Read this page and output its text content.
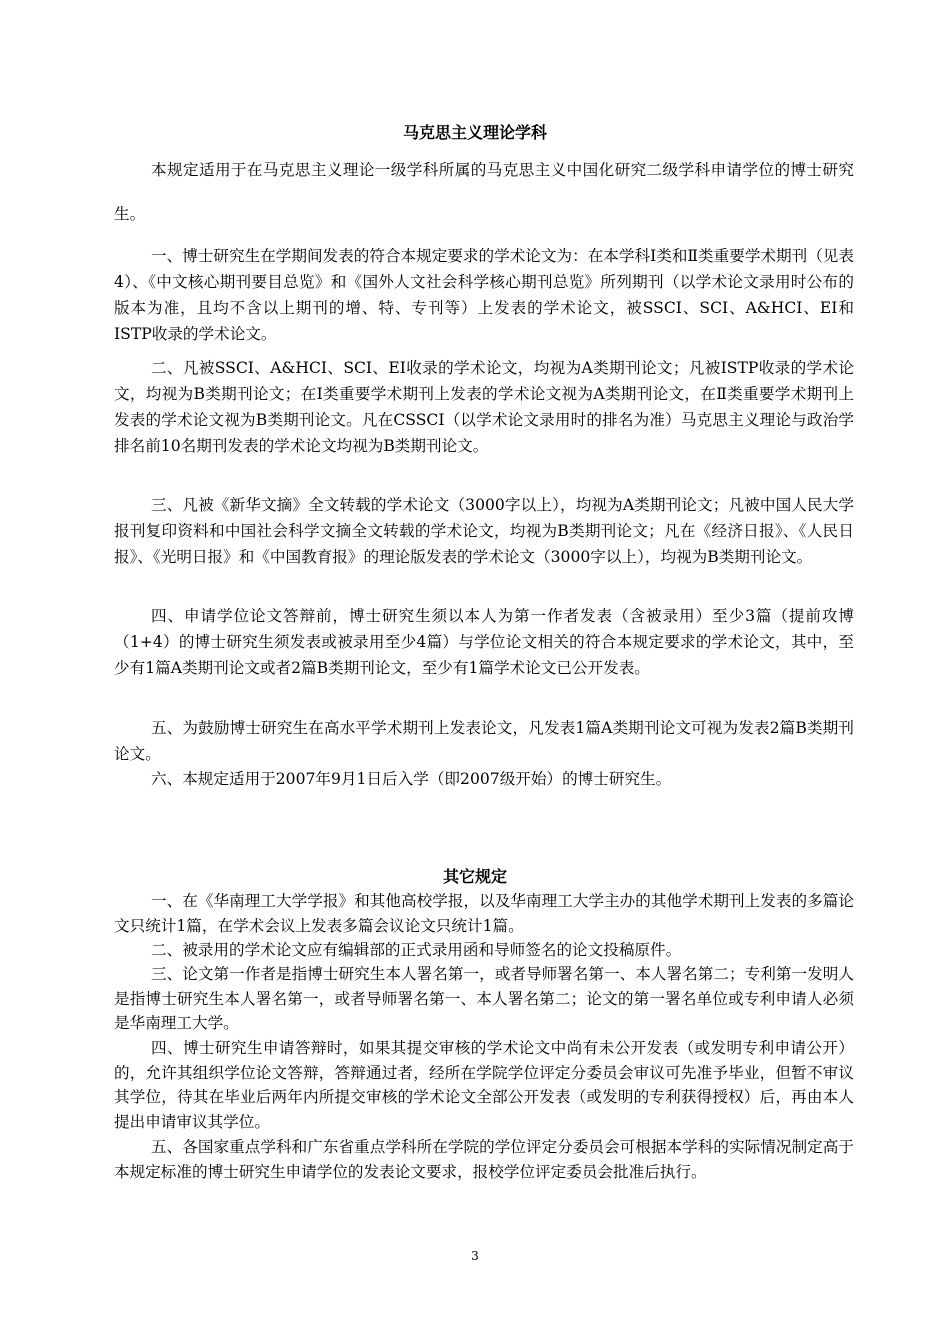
马克思主义理论学科

本规定适用于在马克思主义理论一级学科所属的马克思主义中国化研究二级学科申请学位的博士研究生。

一、博士研究生在学期间发表的符合本规定要求的学术论文为：在本学科Ⅰ类和Ⅱ类重要学术期刊（见表4）、《中文核心期刊要目总览》和《国外人文社会科学核心期刊总览》所列期刊（以学术论文录用时公布的版本为准，且均不含以上期刊的增、特、专刊等）上发表的学术论文，被SSCI、SCI、A&HCI、EI和ISTP收录的学术论文。

二、凡被SSCI、A&HCI、SCI、EI收录的学术论文，均视为A类期刊论文；凡被ISTP收录的学术论文，均视为B类期刊论文；在Ⅰ类重要学术期刊上发表的学术论文视为A类期刊论文，在Ⅱ类重要学术期刊上发表的学术论文视为B类期刊论文。凡在CSSCI（以学术论文录用时的排名为准）马克思主义理论与政治学排名前10名期刊发表的学术论文均视为B类期刊论文。

三、凡被《新华文摘》全文转载的学术论文（3000字以上），均视为A类期刊论文；凡被中国人民大学报刊复印资料和中国社会科学文摘全文转载的学术论文，均视为B类期刊论文；凡在《经济日报》、《人民日报》、《光明日报》和《中国教育报》的理论版发表的学术论文（3000字以上），均视为B类期刊论文。

四、申请学位论文答辩前，博士研究生须以本人为第一作者发表（含被录用）至少3篇（提前攻博（1+4）的博士研究生须发表或被录用至少4篇）与学位论文相关的符合本规定要求的学术论文，其中，至少有1篇A类期刊论文或者2篇B类期刊论文，至少有1篇学术论文已公开发表。

五、为鼓励博士研究生在高水平学术期刊上发表论文，凡发表1篇A类期刊论文可视为发表2篇B类期刊论文。

六、本规定适用于2007年9月1日后入学（即2007级开始）的博士研究生。

其它规定

一、在《华南理工大学学报》和其他高校学报，以及华南理工大学主办的其他学术期刊上发表的多篇论文只统计1篇，在学术会议上发表多篇会议论文只统计1篇。

二、被录用的学术论文应有编辑部的正式录用函和导师签名的论文投稿原件。

三、论文第一作者是指博士研究生本人署名第一，或者导师署名第一、本人署名第二；专利第一发明人是指博士研究生本人署名第一，或者导师署名第一、本人署名第二；论文的第一署名单位或专利申请人必须是华南理工大学。

四、博士研究生申请答辩时，如果其提交审核的学术论文中尚有未公开发表（或发明专利申请公开）的，允许其组织学位论文答辩，答辩通过者，经所在学院学位评定分委员会审议可先准予毕业，但暂不审议其学位，待其在毕业后两年内所提交审核的学术论文全部公开发表（或发明的专利获得授权）后，再由本人提出申请审议其学位。

五、各国家重点学科和广东省重点学科所在学院的学位评定分委员会可根据本学科的实际情况制定高于本规定标准的博士研究生申请学位的发表论文要求，报校学位评定委员会批准后执行。

3
